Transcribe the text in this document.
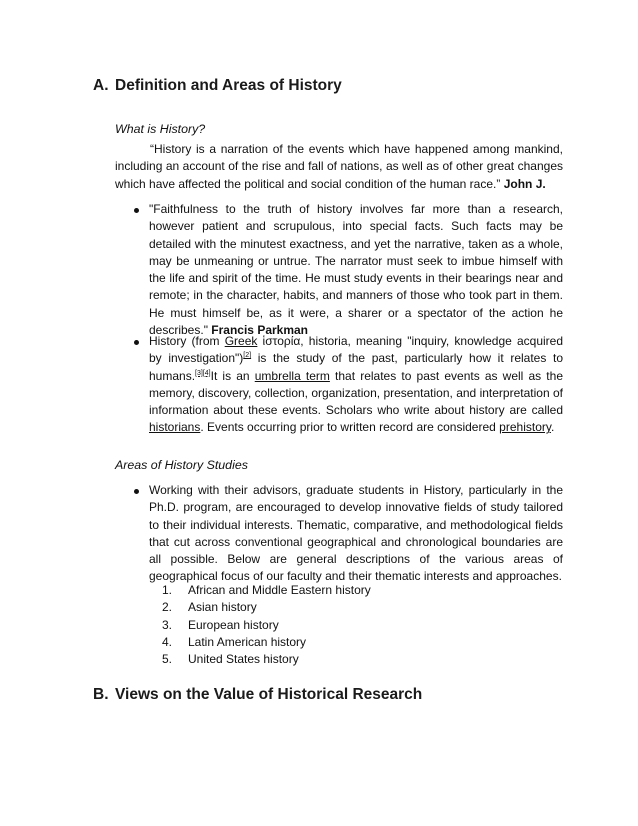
A. Definition and Areas of History
What is History?
“History is a narration of the events which have happened among mankind, including an account of the rise and fall of nations, as well as of other great changes which have affected the political and social condition of the human race.” John J.
"Faithfulness to the truth of history involves far more than a research, however patient and scrupulous, into special facts. Such facts may be detailed with the minutest exactness, and yet the narrative, taken as a whole, may be unmeaning or untrue. The narrator must seek to imbue himself with the life and spirit of the time. He must study events in their bearings near and remote; in the character, habits, and manners of those who took part in them. He must himself be, as it were, a sharer or a spectator of the action he describes." Francis Parkman
History (from Greek ἱστορία, historia, meaning "inquiry, knowledge acquired by investigation")[2] is the study of the past, particularly how it relates to humans.[3][4]It is an umbrella term that relates to past events as well as the memory, discovery, collection, organization, presentation, and interpretation of information about these events. Scholars who write about history are called historians. Events occurring prior to written record are considered prehistory.
Areas of History Studies
Working with their advisors, graduate students in History, particularly in the Ph.D. program, are encouraged to develop innovative fields of study tailored to their individual interests. Thematic, comparative, and methodological fields that cut across conventional geographical and chronological boundaries are all possible. Below are general descriptions of the various areas of geographical focus of our faculty and their thematic interests and approaches.
1.	African and Middle Eastern history
2.	Asian history
3.	European history
4.	Latin American history
5.	United States history
B. Views on the Value of Historical Research
